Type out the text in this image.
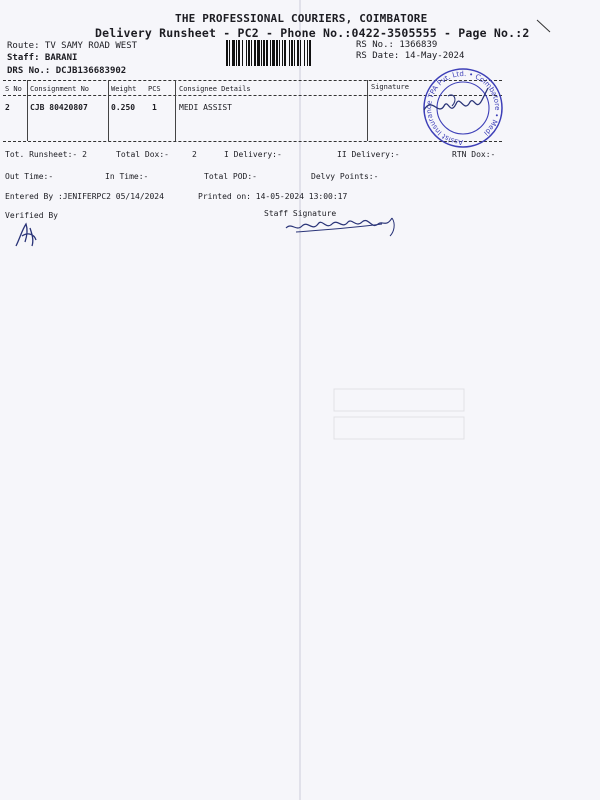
THE PROFESSIONAL COURIERS, COIMBATORE
Delivery Runsheet - PC2 - Phone No.:0422-3505555 - Page No.:2
Route: TV SAMY ROAD WEST
Staff: BARANI
DRS No.: DCJB136683902
RS No.: 1366839
RS Date: 14-May-2024
S No Consignment No	Weight PCS	Consignee Details	Signature
2	CJB 80420807	0.250 1	MEDI ASSIST
Assist Insurance TPA Pvt. Ltd. • Coimbatore • Medi
Tot. Runsheet:- 2	Total Dox:-	2	I Delivery:-	II Delivery:-	RTN Dox:-
Out Time:-	In Time:-	Total POD:-	Delvy Points:-
Entered By :JENIFERPC2 05/14/2024	Printed on: 14-05-2024 13:00:17
Verified By	Staff Signature
